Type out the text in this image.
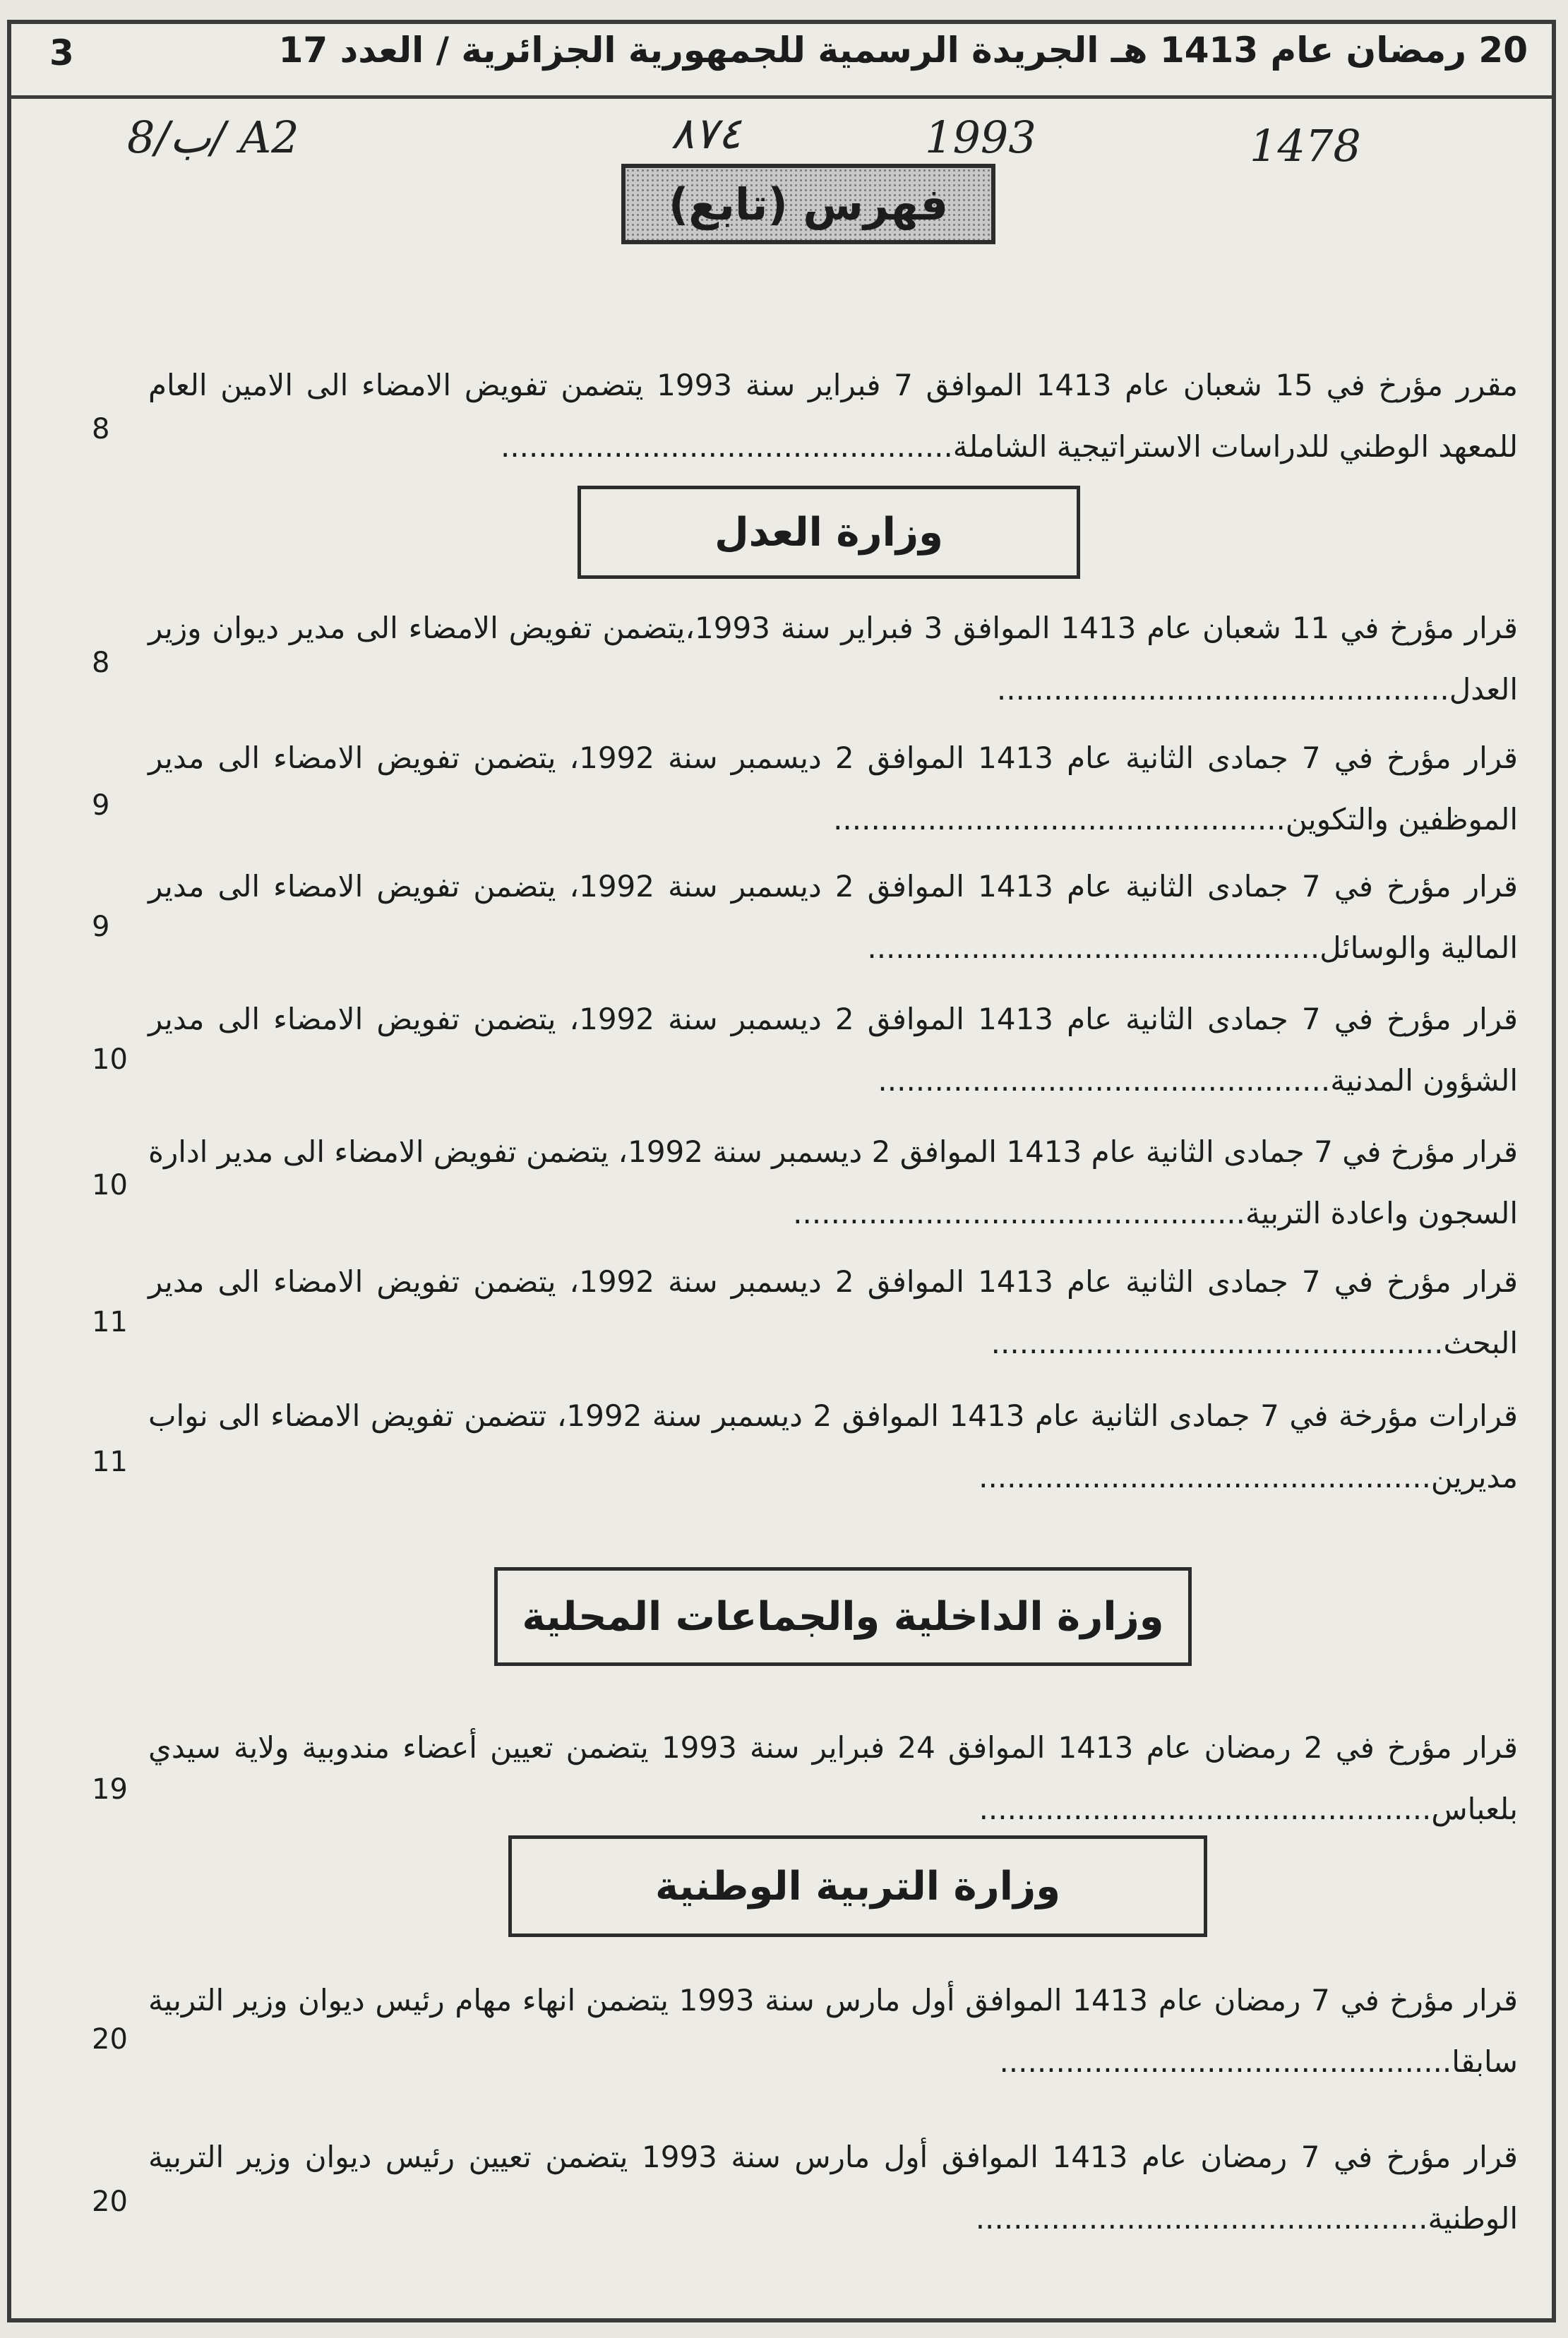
20 رمضان عام 1413 هـ الجريدة الرسمية للجمهورية الجزائرية / العدد 17
3
8/ب/ A2	٨٧٤	1993	1478
فهرس (تابع)
مقرر مؤرخ في 15 شعبان عام 1413 الموافق 7 فبراير سنة 1993 يتضمن تفويض الامضاء الى الامين العام للمعهد الوطني للدراسات الاستراتيجية الشاملة................................................
8
وزارة العدل
قرار مؤرخ في 11 شعبان عام 1413 الموافق 3 فبراير سنة 1993،يتضمن تفويض الامضاء الى مدير ديوان وزير العدل................................................
8
قرار مؤرخ في 7 جمادى الثانية عام 1413 الموافق 2 ديسمبر سنة 1992، يتضمن تفويض الامضاء الى مدير الموظفين والتكوين................................................
9
قرار مؤرخ في 7 جمادى الثانية عام 1413 الموافق 2 ديسمبر سنة 1992، يتضمن تفويض الامضاء الى مدير المالية والوسائل................................................
9
قرار مؤرخ في 7 جمادى الثانية عام 1413 الموافق 2 ديسمبر سنة 1992، يتضمن تفويض الامضاء الى مدير الشؤون المدنية................................................
10
قرار مؤرخ في 7 جمادى الثانية عام 1413 الموافق 2 ديسمبر سنة 1992، يتضمن تفويض الامضاء الى مدير ادارة السجون واعادة التربية................................................
10
قرار مؤرخ في 7 جمادى الثانية عام 1413 الموافق 2 ديسمبر سنة 1992، يتضمن تفويض الامضاء الى مدير البحث................................................
11
قرارات مؤرخة في 7 جمادى الثانية عام 1413 الموافق 2 ديسمبر سنة 1992، تتضمن تفويض الامضاء الى نواب مديرين................................................
11
وزارة الداخلية والجماعات المحلية
قرار مؤرخ في 2 رمضان عام 1413 الموافق 24 فبراير سنة 1993 يتضمن تعيين أعضاء مندوبية ولاية سيدي بلعباس................................................
19
وزارة التربية الوطنية
قرار مؤرخ في 7 رمضان عام 1413 الموافق أول مارس سنة 1993 يتضمن انهاء مهام رئيس ديوان وزير التربية سابقا................................................
20
قرار مؤرخ في 7 رمضان عام 1413 الموافق أول مارس سنة 1993 يتضمن تعيين رئيس ديوان وزير التربية الوطنية................................................
20
